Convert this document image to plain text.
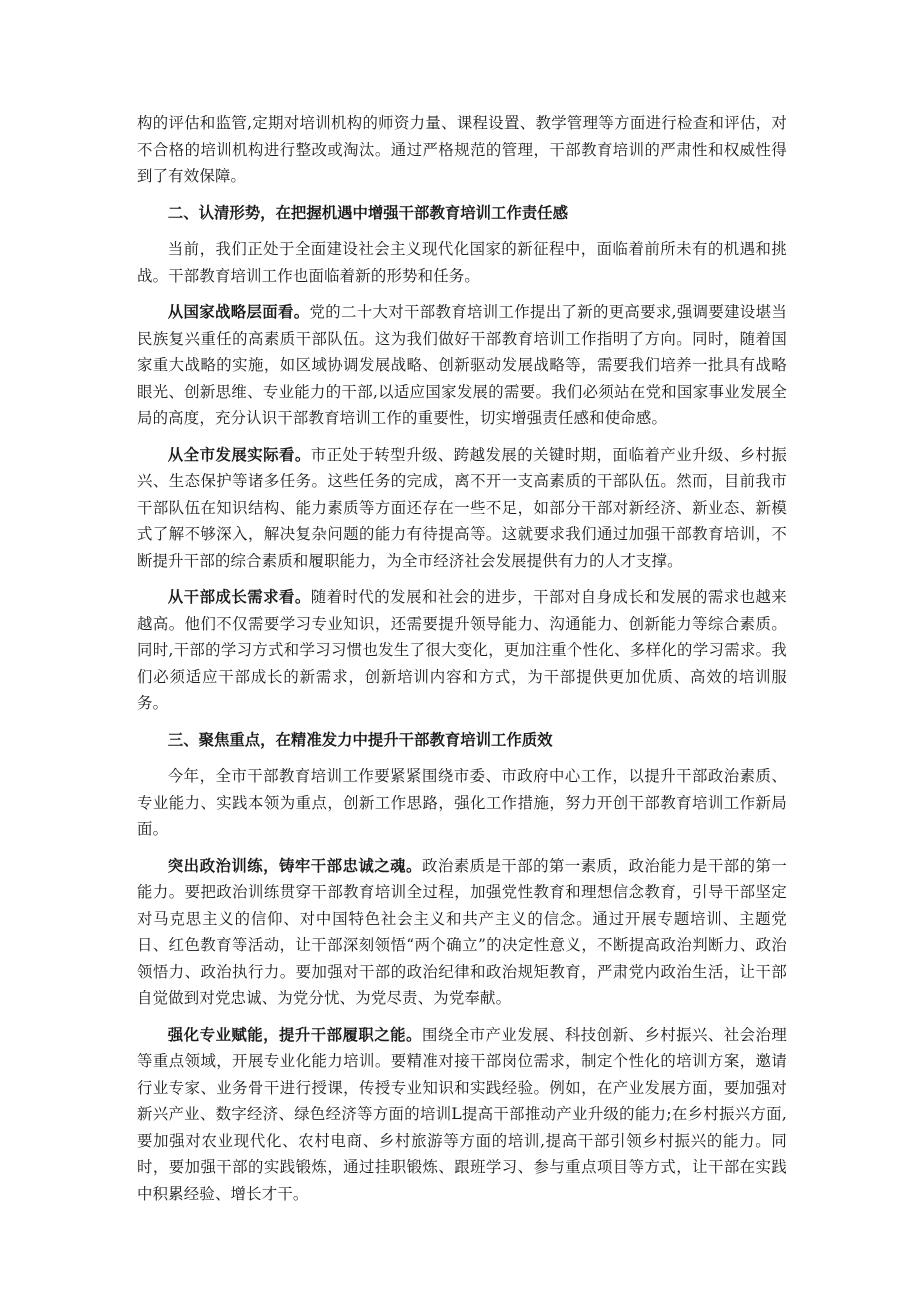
构的评估和监管,定期对培训机构的师资力量、课程设置、教学管理等方面进行检查和评估，对不合格的培训机构进行整改或淘汰。通过严格规范的管理，干部教育培训的严肃性和权威性得到了有效保障。

二、认清形势，在把握机遇中增强干部教育培训工作责任感

当前，我们正处于全面建设社会主义现代化国家的新征程中，面临着前所未有的机遇和挑战。干部教育培训工作也面临着新的形势和任务。

从国家战略层面看。党的二十大对干部教育培训工作提出了新的更高要求,强调要建设堪当民族复兴重任的高素质干部队伍。这为我们做好干部教育培训工作指明了方向。同时，随着国家重大战略的实施，如区域协调发展战略、创新驱动发展战略等，需要我们培养一批具有战略眼光、创新思维、专业能力的干部,以适应国家发展的需要。我们必须站在党和国家事业发展全局的高度，充分认识干部教育培训工作的重要性，切实增强责任感和使命感。

从全市发展实际看。市正处于转型升级、跨越发展的关键时期，面临着产业升级、乡村振兴、生态保护等诸多任务。这些任务的完成，离不开一支高素质的干部队伍。然而，目前我市干部队伍在知识结构、能力素质等方面还存在一些不足，如部分干部对新经济、新业态、新模式了解不够深入，解决复杂问题的能力有待提高等。这就要求我们通过加强干部教育培训，不断提升干部的综合素质和履职能力，为全市经济社会发展提供有力的人才支撑。

从干部成长需求看。随着时代的发展和社会的进步，干部对自身成长和发展的需求也越来越高。他们不仅需要学习专业知识，还需要提升领导能力、沟通能力、创新能力等综合素质。同时,干部的学习方式和学习习惯也发生了很大变化，更加注重个性化、多样化的学习需求。我们必须适应干部成长的新需求，创新培训内容和方式，为干部提供更加优质、高效的培训服务。

三、聚焦重点，在精准发力中提升干部教育培训工作质效

今年，全市干部教育培训工作要紧紧围绕市委、市政府中心工作，以提升干部政治素质、专业能力、实践本领为重点，创新工作思路，强化工作措施，努力开创干部教育培训工作新局面。

突出政治训练，铸牢干部忠诚之魂。政治素质是干部的第一素质，政治能力是干部的第一能力。要把政治训练贯穿干部教育培训全过程，加强党性教育和理想信念教育，引导干部坚定对马克思主义的信仰、对中国特色社会主义和共产主义的信念。通过开展专题培训、主题党日、红色教育等活动，让干部深刻领悟“两个确立”的决定性意义，不断提高政治判断力、政治领悟力、政治执行力。要加强对干部的政治纪律和政治规矩教育，严肃党内政治生活，让干部自觉做到对党忠诚、为党分忧、为党尽责、为党奉献。

强化专业赋能，提升干部履职之能。围绕全市产业发展、科技创新、乡村振兴、社会治理等重点领域，开展专业化能力培训。要精准对接干部岗位需求，制定个性化的培训方案，邀请行业专家、业务骨干进行授课，传授专业知识和实践经验。例如，在产业发展方面，要加强对新兴产业、数字经济、绿色经济等方面的培训L提高干部推动产业升级的能力;在乡村振兴方面,要加强对农业现代化、农村电商、乡村旅游等方面的培训,提高干部引领乡村振兴的能力。同时，要加强干部的实践锻炼，通过挂职锻炼、跟班学习、参与重点项目等方式，让干部在实践中积累经验、增长才干。
